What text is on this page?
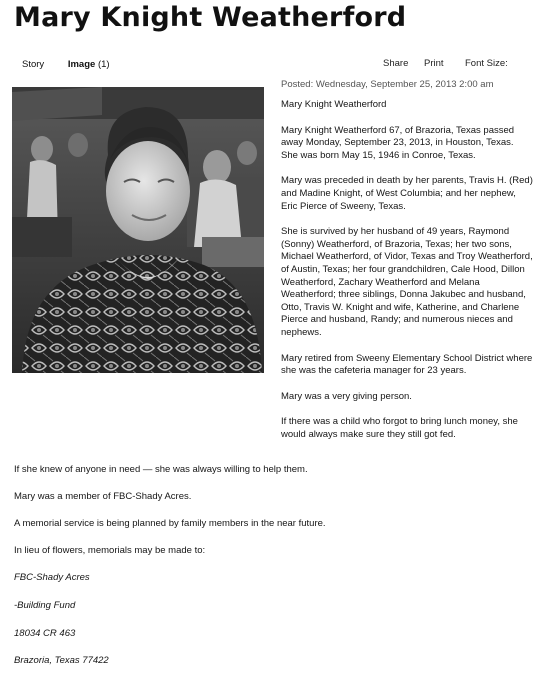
Mary Knight Weatherford
Story Image (1)	Share Print Font Size:
Posted: Wednesday, September 25, 2013 2:00 am

Mary Knight Weatherford

Mary Knight Weatherford 67, of Brazoria, Texas passed away Monday, September 23, 2013, in Houston, Texas. She was born May 15, 1946 in Conroe, Texas.

Mary was preceded in death by her parents, Travis H. (Red) and Madine Knight, of West Columbia; and her nephew, Eric Pierce of Sweeny, Texas.

She is survived by her husband of 49 years, Raymond (Sonny) Weatherford, of Brazoria, Texas; her two sons, Michael Weatherford, of Vidor, Texas and Troy Weatherford, of Austin, Texas; her four grandchildren, Cale Hood, Dillon Weatherford, Zachary Weatherford and Melana Weatherford; three siblings, Donna Jakubec and husband, Otto, Travis W. Knight and wife, Katherine, and Charlene Pierce and husband, Randy; and numerous nieces and nephews.

Mary retired from Sweeny Elementary School District where she was the cafeteria manager for 23 years.

Mary was a very giving person.

If there was a child who forgot to bring lunch money, she would always make sure they still got fed.

If she knew of anyone in need — she was always willing to help them.
Mary was a member of FBC-Shady Acres.
A memorial service is being planned by family members in the near future.
In lieu of flowers, memorials may be made to:
FBC-Shady Acres
-Building Fund
18034 CR 463
Brazoria, Texas 77422
